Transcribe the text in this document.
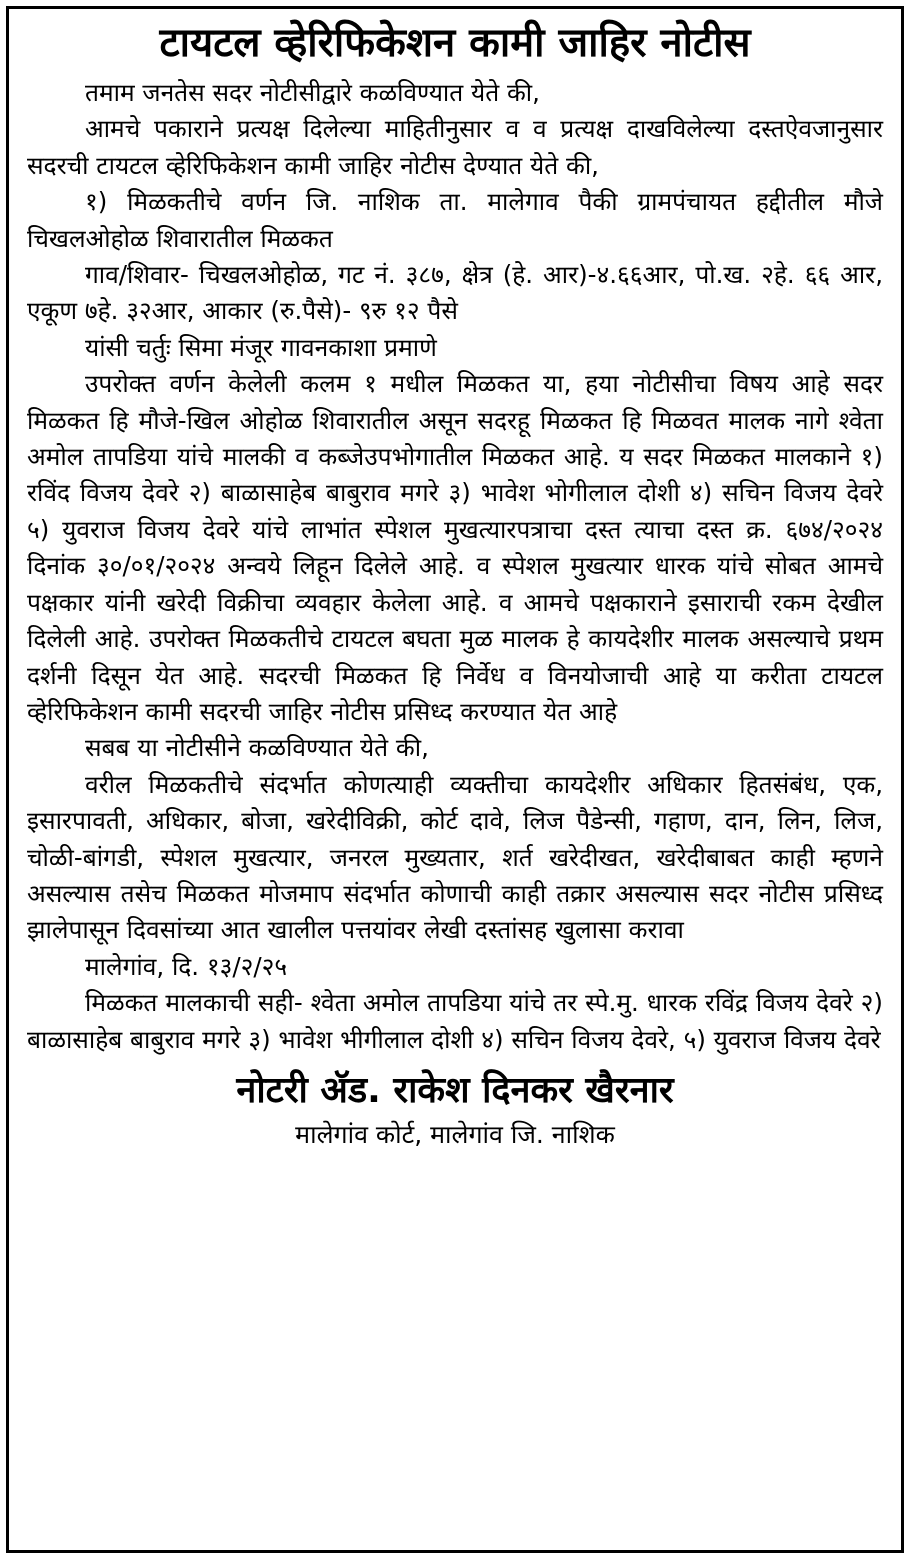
टायटल व्हेरिफिकेशन कामी जाहिर नोटीस

तमाम जनतेस सदर नोटीसीद्वारे कळविण्यात येते की,

आमचे पकाराने प्रत्यक्ष दिलेल्या माहितीनुसार व व प्रत्यक्ष दाखविलेल्या दस्तऐवजानुसार सदरची टायटल व्हेरिफिकेशन कामी जाहिर नोटीस देण्यात येते की,

१) मिळकतीचे वर्णन जि. नाशिक ता. मालेगाव पैकी ग्रामपंचायत हद्दीतील मौजे चिखलओहोळ शिवारातील मिळकत

गाव/शिवार- चिखलओहोळ, गट नं. ३८७, क्षेत्र (हे. आर)-४.६६आर, पो.ख. २हे. ६६ आर, एकूण ७हे. ३२आर, आकार (रु.पैसे)- ९रु १२ पैसे

यांसी चर्तुः सिमा मंजूर गावनकाशा प्रमाणे

उपरोक्त वर्णन केलेली कलम १ मधील मिळकत या, हया नोटीसीचा विषय आहे सदर मिळकत हि मौजे-खिल ओहोळ शिवारातील असून सदरहू मिळकत हि मिळवत मालक नागे श्वेता अमोल तापडिया यांचे मालकी व कब्जेउपभोगातील मिळकत आहे. य सदर मिळकत मालकाने १) रविंद विजय देवरे २) बाळासाहेब बाबुराव मगरे ३) भावेश भोगीलाल दोशी ४) सचिन विजय देवरे ५) युवराज विजय देवरे यांचे लाभांत स्पेशल मुखत्यारपत्राचा दस्त त्याचा दस्त क्र. ६७४/२०२४ दिनांक ३०/०१/२०२४ अन्वये लिहून दिलेले आहे. व स्पेशल मुखत्यार धारक यांचे सोबत आमचे पक्षकार यांनी खरेदी विक्रीचा व्यवहार केलेला आहे. व आमचे पक्षकाराने इसाराची रकम देखील दिलेली आहे. उपरोक्त मिळकतीचे टायटल बघता मुळ मालक हे कायदेशीर मालक असल्याचे प्रथम दर्शनी दिसून येत आहे. सदरची मिळकत हि निर्वेध व विनयोजाची आहे या करीता टायटल व्हेरिफिकेशन कामी सदरची जाहिर नोटीस प्रसिध्द करण्यात येत आहे

सबब या नोटीसीने कळविण्यात येते की,

वरील मिळकतीचे संदर्भात कोणत्याही व्यक्तीचा कायदेशीर अधिकार हितसंबंध, एक, इसारपावती, अधिकार, बोजा, खरेदीविक्री, कोर्ट दावे, लिज पैडेन्सी, गहाण, दान, लिन, लिज, चोळी-बांगडी, स्पेशल मुखत्यार, जनरल मुख्यतार, शर्त खरेदीखत, खरेदीबाबत काही म्हणने असल्यास तसेच मिळकत मोजमाप संदर्भात कोणाची काही तक्रार असल्यास सदर नोटीस प्रसिध्द झालेपासून दिवसांच्या आत खालील पत्तयांवर लेखी दस्तांसह खुलासा करावा

मालेगांव, दि. १३/२/२५

मिळकत मालकाची सही- श्वेता अमोल तापडिया यांचे तर स्पे.मु. धारक रविंद्र विजय देवरे २) बाळासाहेब बाबुराव मगरे ३) भावेश भीगीलाल दोशी ४) सचिन विजय देवरे, ५) युवराज विजय देवरे

नोटरी ॲड. राकेश दिनकर खैरनार
मालेगांव कोर्ट, मालेगांव जि. नाशिक
